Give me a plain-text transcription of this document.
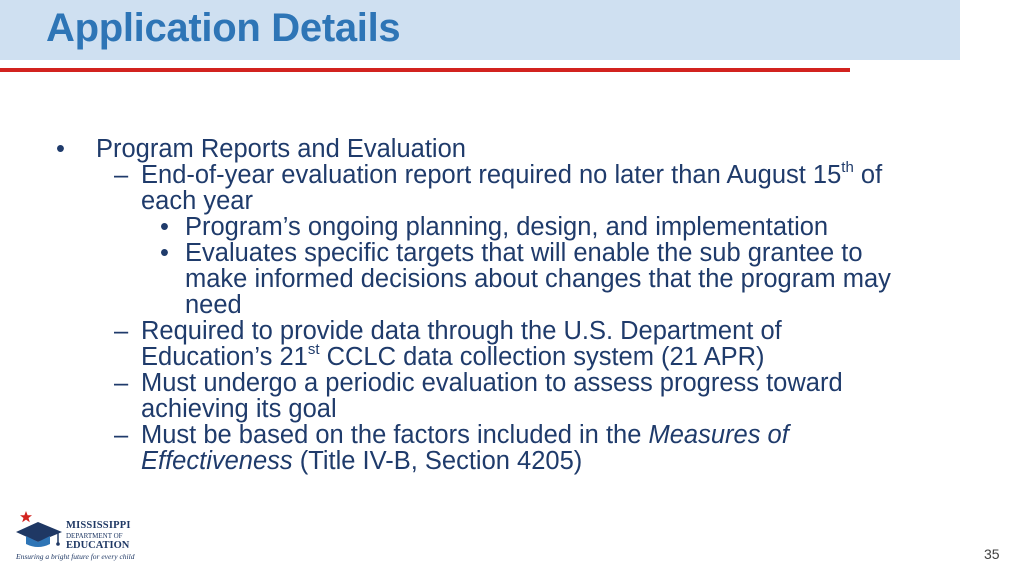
Application Details
• Program Reports and Evaluation
– End-of-year evaluation report required no later than August 15th of
each year
• Program’s ongoing planning, design, and implementation
• Evaluates specific targets that will enable the sub grantee to
make informed decisions about changes that the program may
need
– Required to provide data through the U.S. Department of
Education’s 21st CCLC data collection system (21 APR)
– Must undergo a periodic evaluation to assess progress toward
achieving its goal
– Must be based on the factors included in the Measures of
Effectiveness (Title IV-B, Section 4205)
MISSISSIPPI
DEPARTMENT OF
EDUCATION
Ensuring a bright future for every child	35
